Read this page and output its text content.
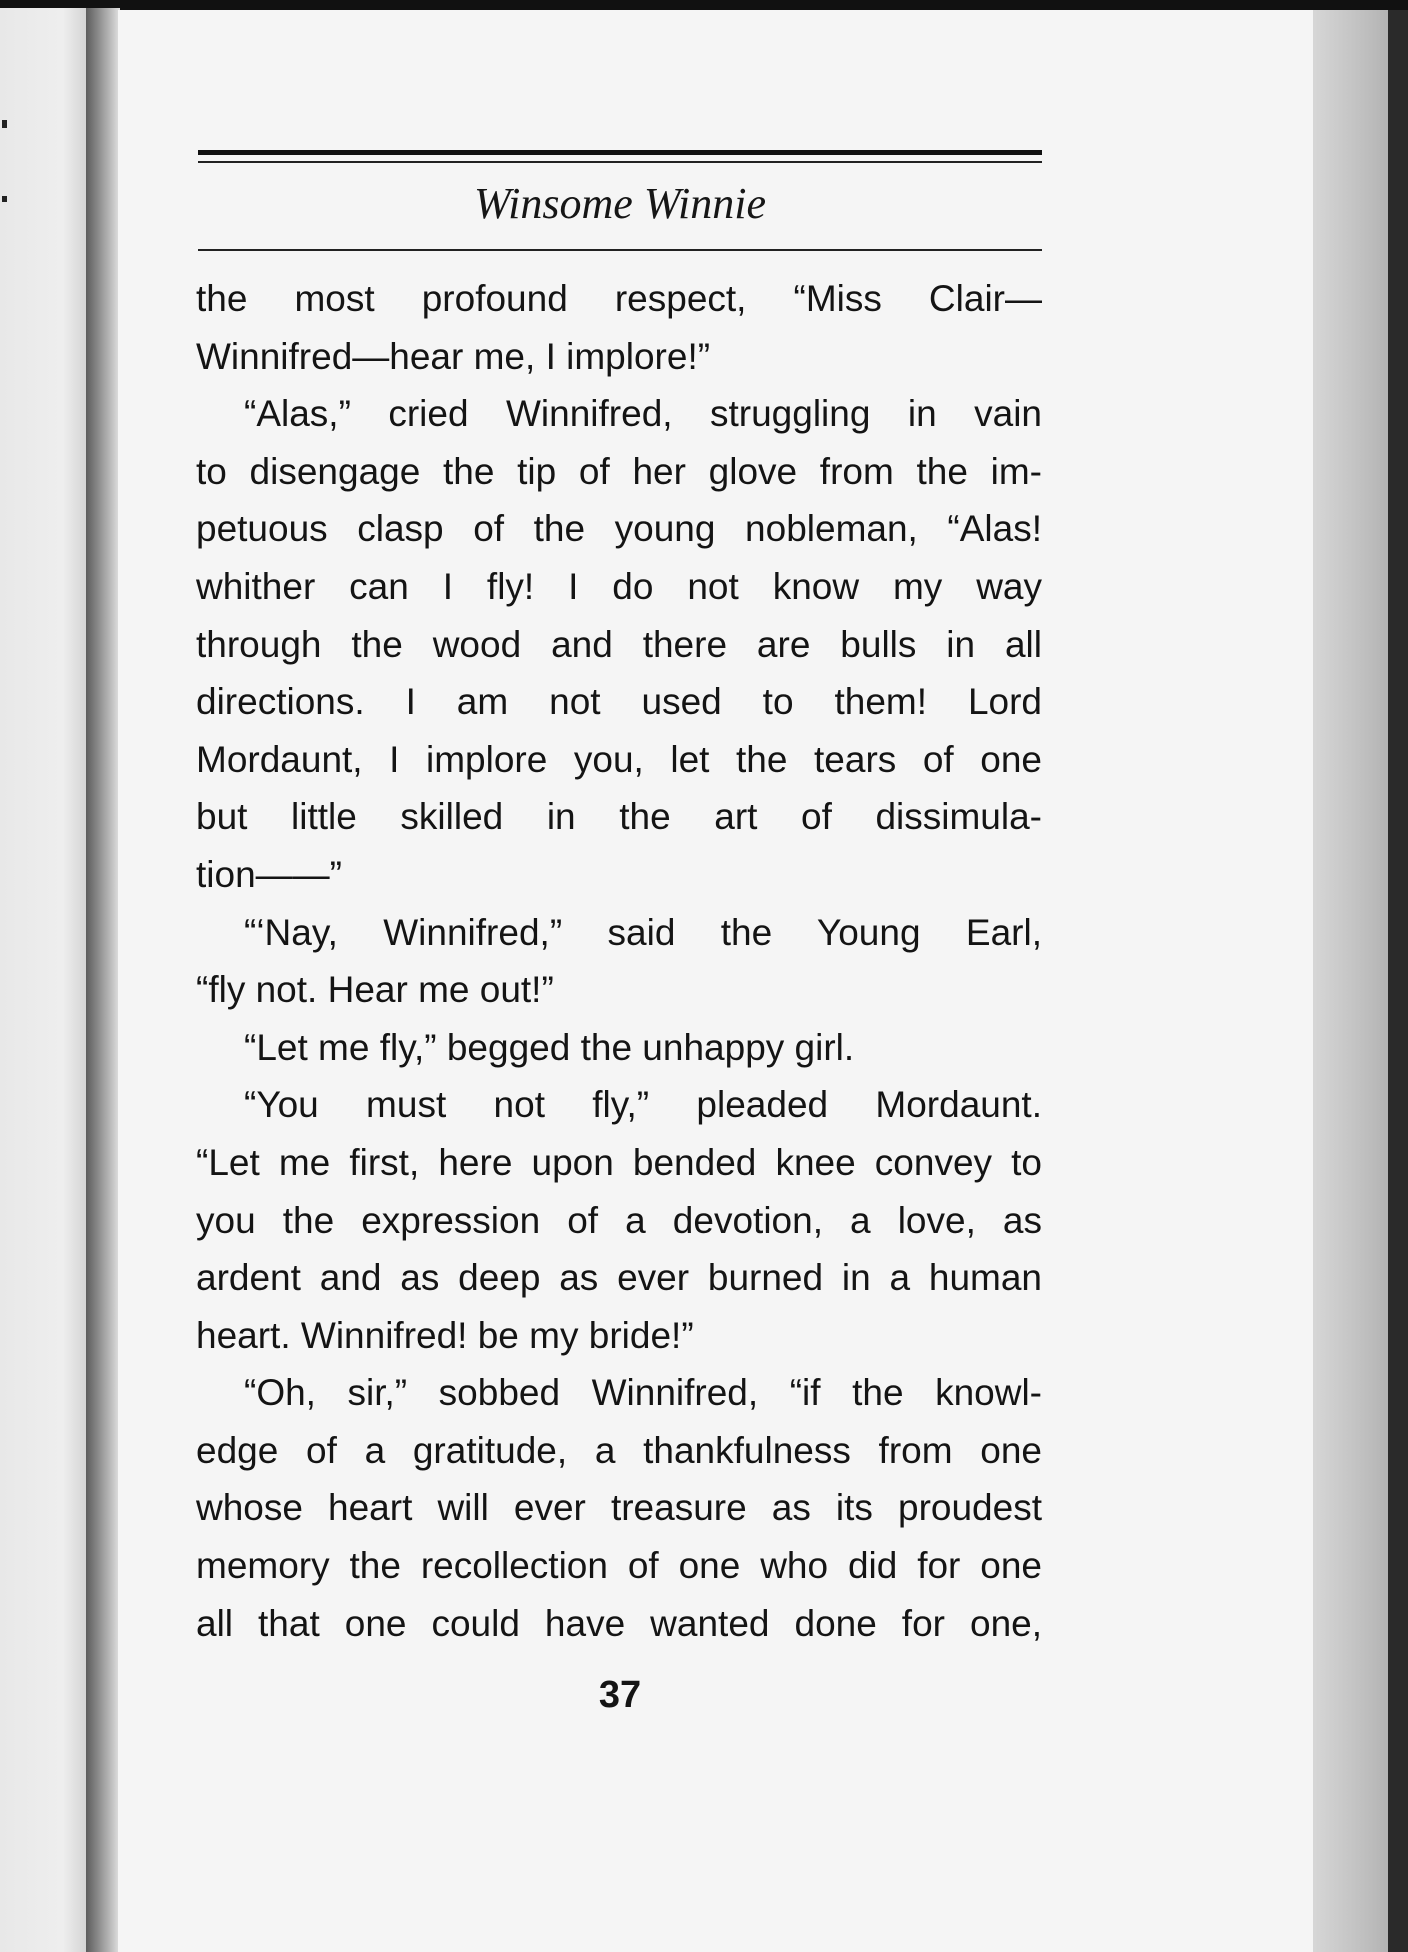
Winsome Winnie
the most profound respect, “Miss Clair—
Winnifred—hear me, I implore!”
“Alas,” cried Winnifred, struggling in vain
to disengage the tip of her glove from the im-
petuous clasp of the young nobleman, “Alas!
whither can I fly! I do not know my way
through the wood and there are bulls in all
directions. I am not used to them! Lord
Mordaunt, I implore you, let the tears of one
but little skilled in the art of dissimula-
tion——”
“‘Nay, Winnifred,” said the Young Earl,
“fly not. Hear me out!”
“Let me fly,” begged the unhappy girl.
“You must not fly,” pleaded Mordaunt.
“Let me first, here upon bended knee convey to
you the expression of a devotion, a love, as
ardent and as deep as ever burned in a human
heart. Winnifred! be my bride!”
“Oh, sir,” sobbed Winnifred, “if the knowl-
edge of a gratitude, a thankfulness from one
whose heart will ever treasure as its proudest
memory the recollection of one who did for one
all that one could have wanted done for one,
37
